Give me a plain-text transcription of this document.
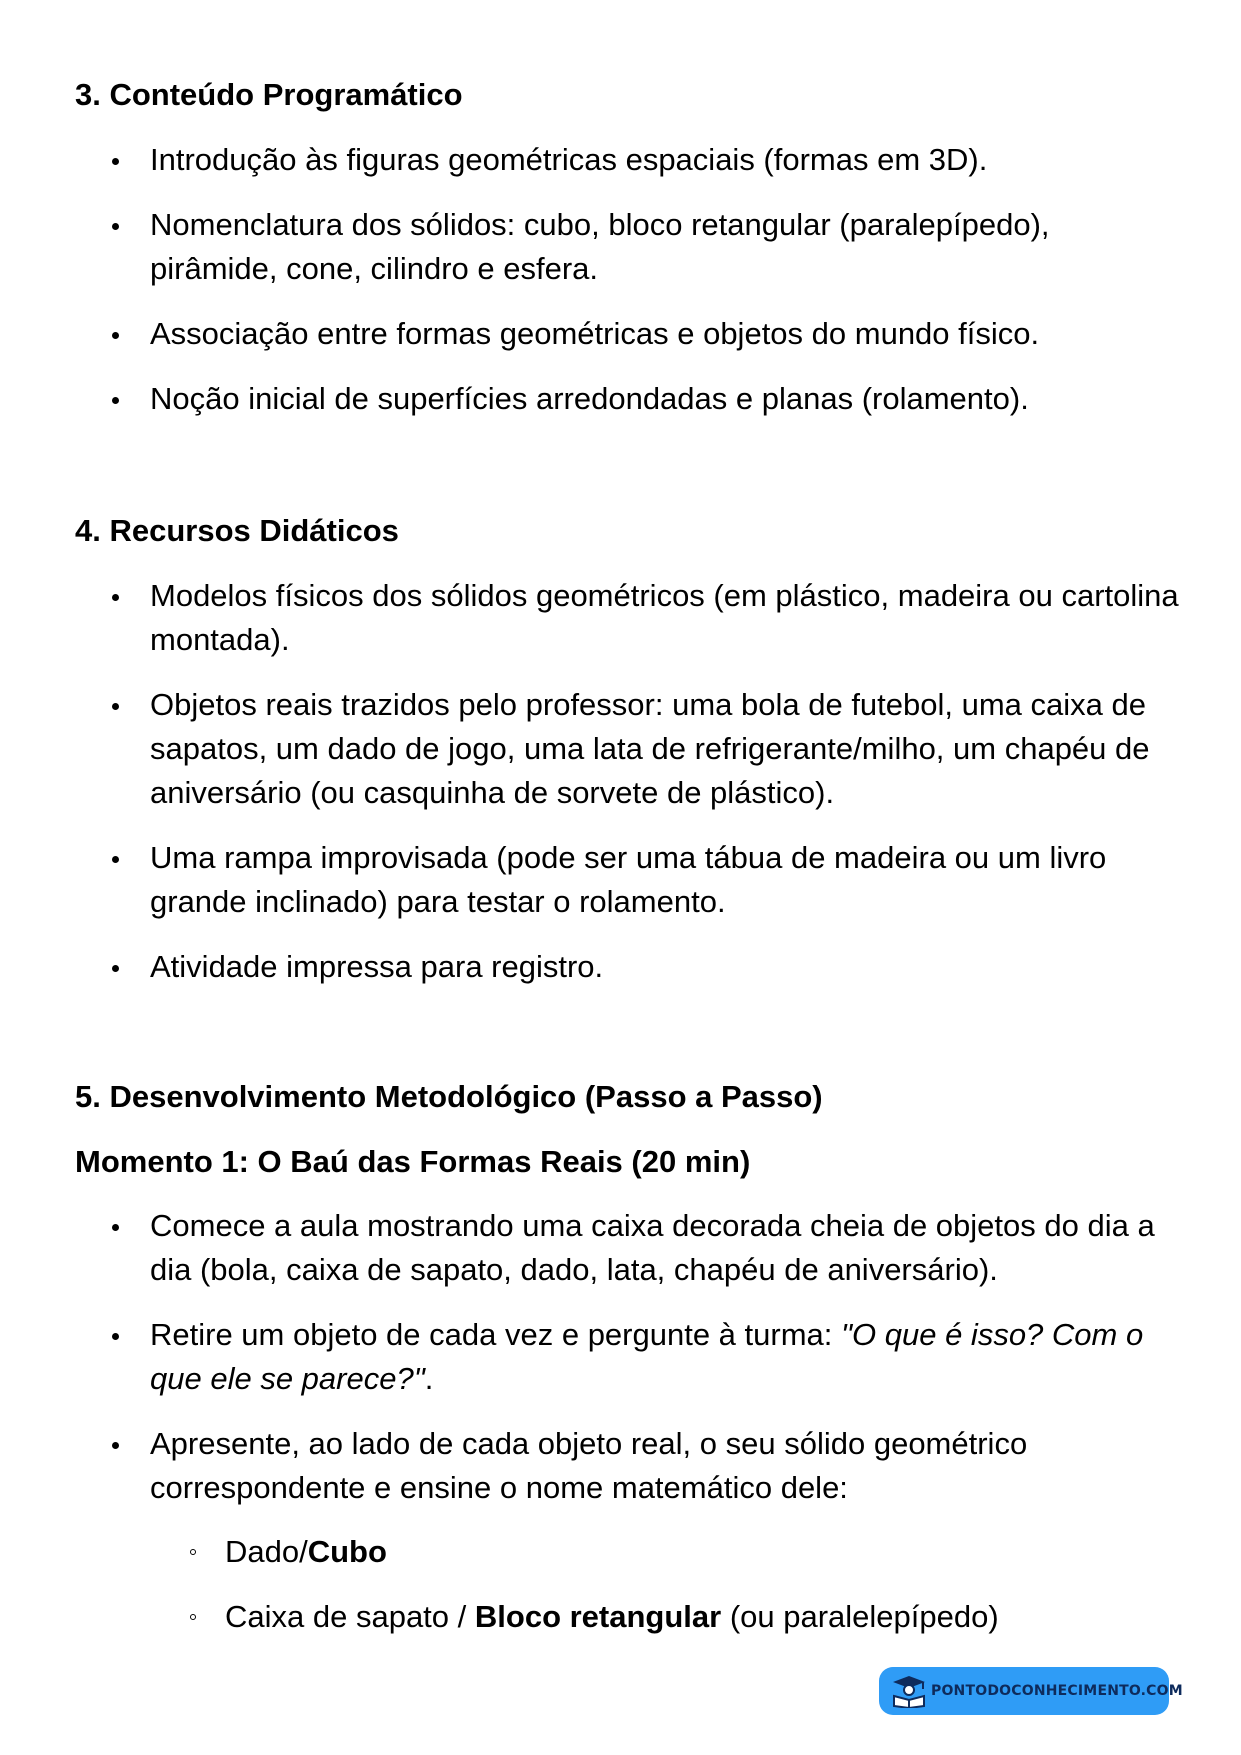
3. Conteúdo Programático
Introdução às figuras geométricas espaciais (formas em 3D).
Nomenclatura dos sólidos: cubo, bloco retangular (paralepípedo), pirâmide, cone, cilindro e esfera.
Associação entre formas geométricas e objetos do mundo físico.
Noção inicial de superfícies arredondadas e planas (rolamento).
4. Recursos Didáticos
Modelos físicos dos sólidos geométricos (em plástico, madeira ou cartolina montada).
Objetos reais trazidos pelo professor: uma bola de futebol, uma caixa de sapatos, um dado de jogo, uma lata de refrigerante/milho, um chapéu de aniversário (ou casquinha de sorvete de plástico).
Uma rampa improvisada (pode ser uma tábua de madeira ou um livro grande inclinado) para testar o rolamento.
Atividade impressa para registro.
5. Desenvolvimento Metodológico (Passo a Passo)
Momento 1: O Baú das Formas Reais (20 min)
Comece a aula mostrando uma caixa decorada cheia de objetos do dia a dia (bola, caixa de sapato, dado, lata, chapéu de aniversário).
Retire um objeto de cada vez e pergunte à turma: "O que é isso? Com o que ele se parece?".
Apresente, ao lado de cada objeto real, o seu sólido geométrico correspondente e ensine o nome matemático dele:
Dado/Cubo
Caixa de sapato / Bloco retangular (ou paralelepípedo)
PONTODOCONHECIMENTO.COM
